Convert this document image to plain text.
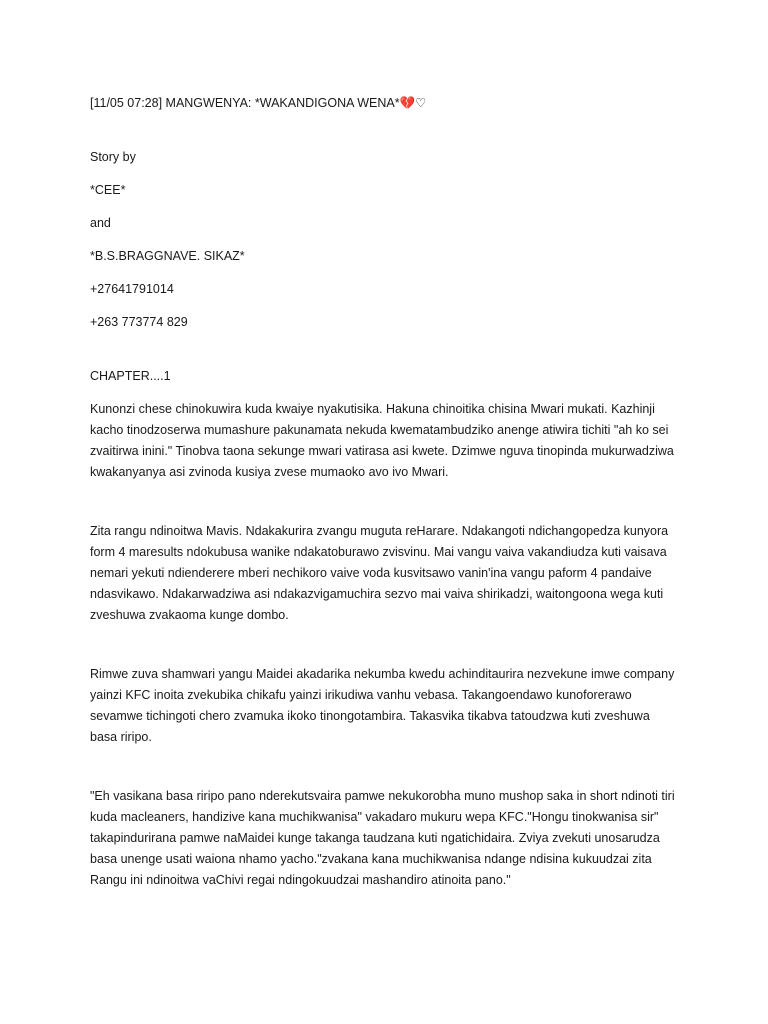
[11/05 07:28] MANGWENYA: *WAKANDIGONA WENA*💔♡

Story by

*CEE*

and

*B.S.BRAGGNAVE. SIKAZ*

+27641791014

+263 773774 829

CHAPTER....1

Kunonzi chese chinokuwira kuda kwaiye nyakutisika. Hakuna chinoitika chisina Mwari mukati. Kazhinji kacho tinodzoserwa mumashure pakunamata nekuda kwematambudziko anenge atiwira tichiti "ah ko sei zvaitirwa inini." Tinobva taona sekunge mwari vatirasa asi kwete. Dzimwe nguva tinopinda mukurwadziwa kwakanyanya asi zvinoda kusiya zvese mumaoko avo ivo Mwari.

Zita rangu ndinoitwa Mavis. Ndakakurira zvangu muguta reHarare. Ndakangoti ndichangopedza kunyora form 4 maresults ndokubusa wanike ndakatoburawo zvisvinu. Mai vangu vaiva vakandiudza kuti vaisava nemari yekuti ndienderere mberi nechikoro vaive voda kusvitsawo vanin'ina vangu paform 4 pandaive ndasvikawo. Ndakarwadziwa asi ndakazvigamuchira sezvo mai vaiva shirikadzi, waitongoona wega kuti zveshuwa zvakaoma kunge dombo.

Rimwe zuva shamwari yangu Maidei akadarika nekumba kwedu achinditaurira nezvekune imwe company yainzi KFC inoita zvekubika chikafu yainzi irikudiwa vanhu vebasa. Takangoendawo kunoforerawo sevamwe tichingoti chero zvamuka ikoko tinongotambira. Takasvika tikabva tatoudzwa kuti zveshuwa basa riripo.

"Eh vasikana basa riripo pano nderekutsvaira pamwe nekukorobha muno mushop saka in short ndinoti tiri kuda macleaners, handizive kana muchikwanisa" vakadaro mukuru wepa KFC."Hongu tinokwanisa sir" takapindurirana pamwe naMaidei kunge takanga taudzana kuti ngatichidaira. Zviya zvekuti unosarudza basa unenge usati waiona nhamo yacho."zvakana kana muchikwanisa ndange ndisina kukuudzai zita Rangu ini ndinoitwa vaChivi regai ndingokuudzai mashandiro atinoita pano."
